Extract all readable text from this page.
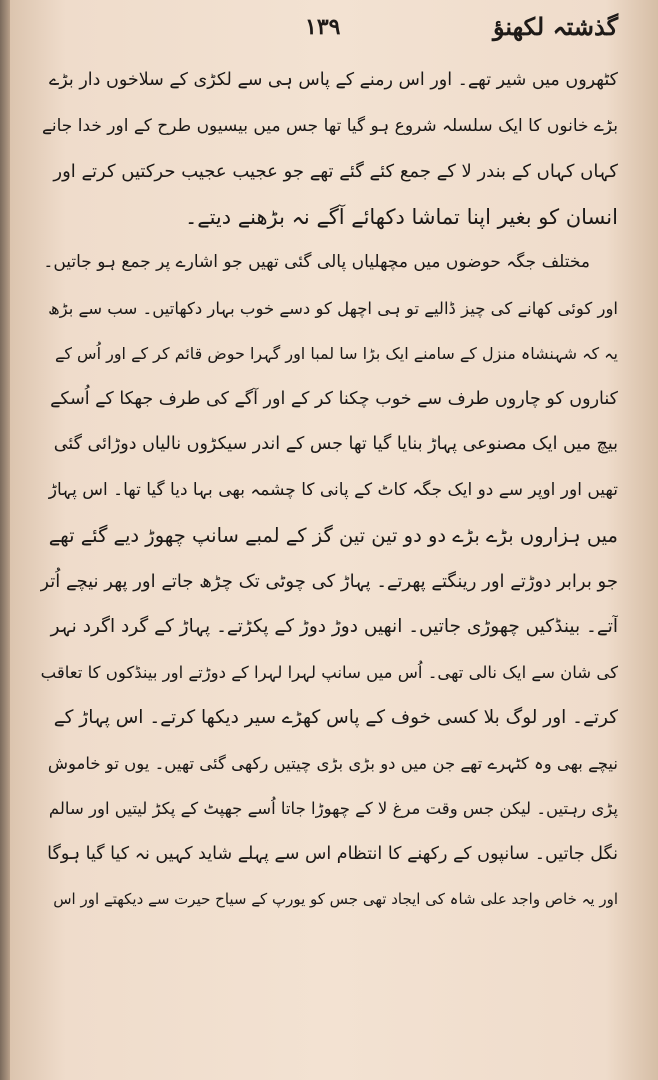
١٣٩	گذشتہ لکھنؤ
کٹھروں میں شیر تھے۔ اور اس رمنے کے پاس ہی سے لکڑی کے سلاخوں دار بڑے
بڑے خانوں کا ایک سلسلہ شروع ہو گیا تھا جس میں بیسیوں طرح کے اور خدا جانے
کہاں کہاں کے بندر لا کے جمع کئے گئے تھے جو عجیب عجیب حرکتیں کرتے اور
انسان کو بغیر اپنا تماشا دکھائے آگے نہ بڑھنے دیتے۔
مختلف جگہ حوضوں میں مچھلیاں پالی گئی تھیں جو اشارے پر جمع ہو جاتیں۔
اور کوئی کھانے کی چیز ڈالیے تو ہی اچھل کو دسے خوب بہار دکھاتیں۔ سب سے بڑھ
یہ کہ شہنشاہ منزل کے سامنے ایک بڑا سا لمبا اور گہرا حوض قائم کر کے اور اُس کے
کناروں کو چاروں طرف سے خوب چکنا کر کے اور آگے کی طرف جھکا کے اُسکے
بیچ میں ایک مصنوعی پہاڑ بنایا گیا تھا جس کے اندر سیکڑوں نالیاں دوڑائی گئی
تھیں اور اوپر سے دو ایک جگہ کاٹ کے پانی کا چشمہ بھی بہا دیا گیا تھا۔ اس پہاڑ
میں ہزاروں بڑے بڑے دو دو تین تین گز کے لمبے سانپ چھوڑ دیے گئے تھے
جو برابر دوڑتے اور رینگتے پھرتے۔ پہاڑ کی چوٹی تک چڑھ جاتے اور پھر نیچے اُتر
آتے۔ بینڈکیں چھوڑی جاتیں۔ انھیں دوڑ دوڑ کے پکڑتے۔ پہاڑ کے گرد اگرد نہر
کی شان سے ایک نالی تھی۔ اُس میں سانپ لہرا لہرا کے دوڑتے اور بینڈکوں کا تعاقب
کرتے۔ اور لوگ بلا کسی خوف کے پاس کھڑے سیر دیکھا کرتے۔ اس پہاڑ کے
نیچے بھی وہ کٹہرے تھے جن میں دو بڑی بڑی چیتیں رکھی گئی تھیں۔ یوں تو خاموش
پڑی رہتیں۔ لیکن جس وقت مرغ لا کے چھوڑا جاتا اُسے جھپٹ کے پکڑ لیتیں اور سالم
نگل جاتیں۔ سانپوں کے رکھنے کا انتظام اس سے پہلے شاید کہیں نہ کیا گیا ہوگا
اور یہ خاص واجد علی شاہ کی ایجاد تھی جس کو یورپ کے سیاح حیرت سے دیکھتے اور اس
